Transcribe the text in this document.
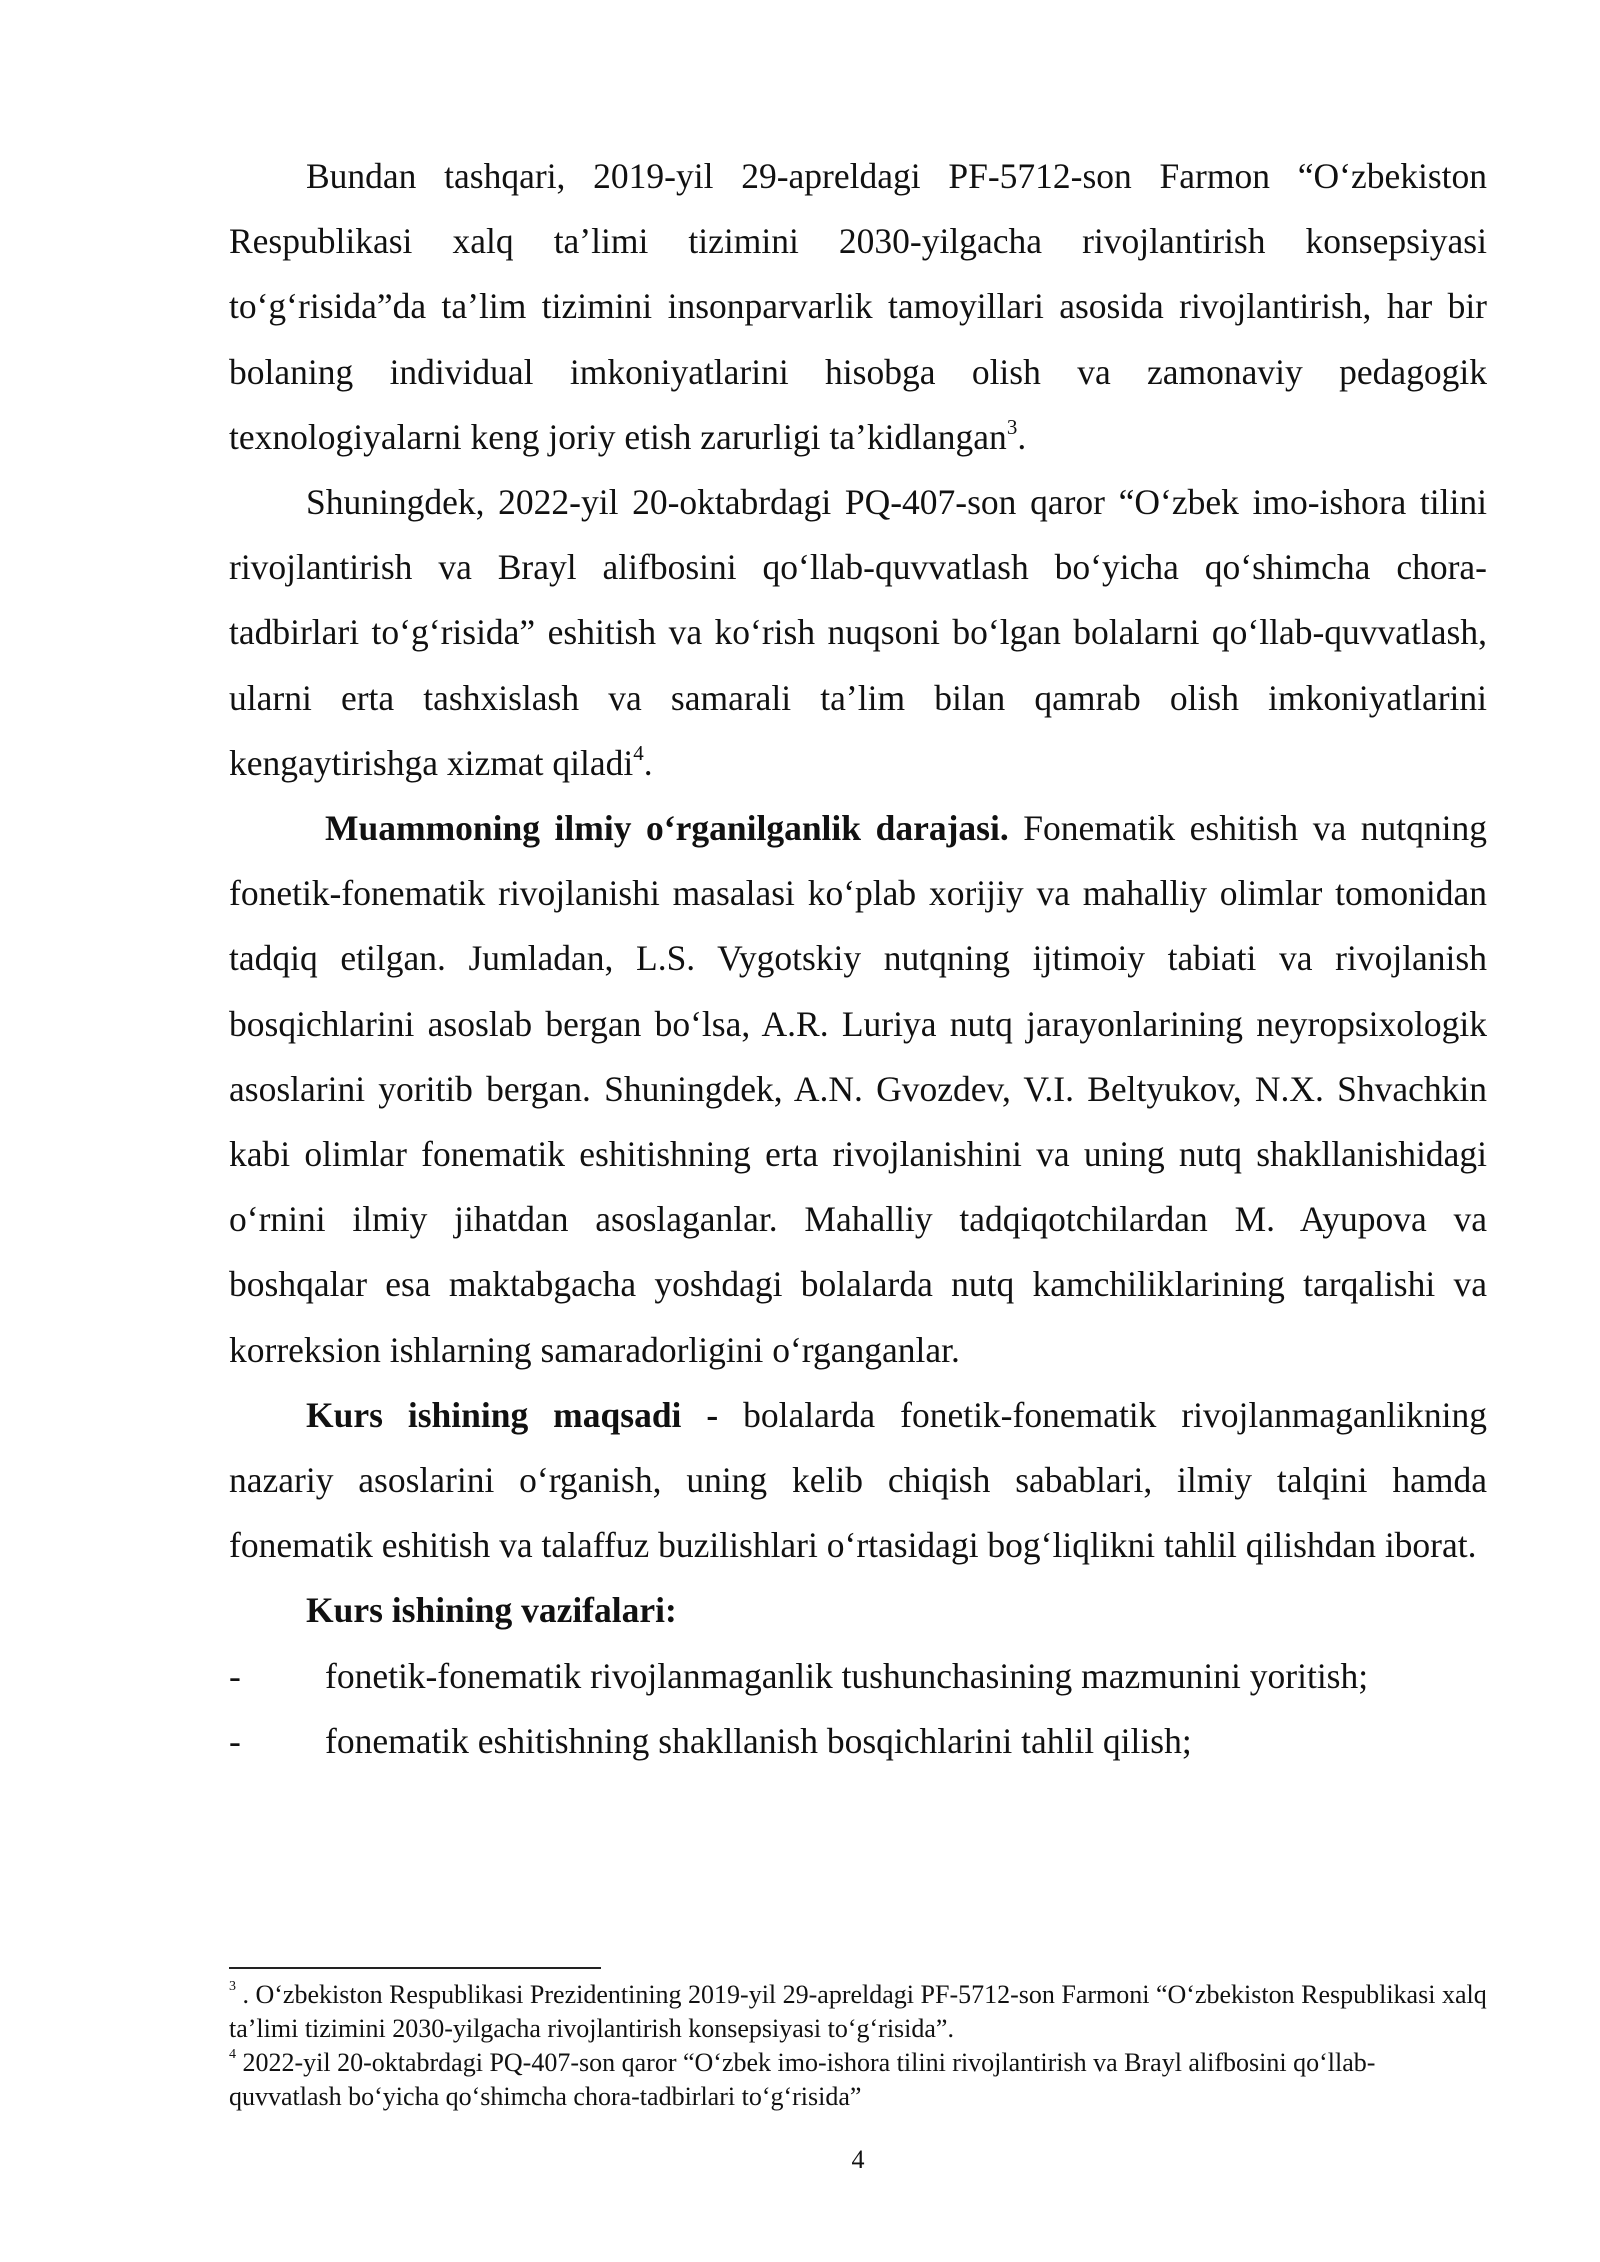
Bundan tashqari, 2019-yil 29-apreldagi PF-5712-son Farmon “Oʻzbekiston Respublikasi xalq taʼlimi tizimini 2030-yilgacha rivojlantirish konsepsiyasi toʻgʻrisida”da taʼlim tizimini insonparvarlik tamoyillari asosida rivojlantirish, har bir bolaning individual imkoniyatlarini hisobga olish va zamonaviy pedagogik texnologiyalarni keng joriy etish zarurligi taʼkidlangan$^3$.

Shuningdek, 2022-yil 20-oktabrdagi PQ-407-son qaror “Oʻzbek imo-ishora tilini rivojlantirish va Brayl alifbosini qoʻllab-quvvatlash boʻyicha qoʻshimcha chora-tadbirlari toʻgʻrisida” eshitish va koʻrish nuqsoni boʻlgan bolalarni qoʻllab-quvvatlash, ularni erta tashxislash va samarali taʼlim bilan qamrab olish imkoniyatlarini kengaytirishga xizmat qiladi$^4$.

Muammoning ilmiy oʻrganilganlik darajasi. Fonematik eshitish va nutqning fonetik-fonematik rivojlanishi masalasi koʻplab xorijiy va mahalliy olimlar tomonidan tadqiq etilgan. Jumladan, L.S. Vygotskiy nutqning ijtimoiy tabiati va rivojlanish bosqichlarini asoslab bergan boʻlsa, A.R. Luriya nutq jarayonlarining neyropsixologik asoslarini yoritib bergan. Shuningdek, A.N. Gvozdev, V.I. Beltyukov, N.X. Shvachkin kabi olimlar fonematik eshitishning erta rivojlanishini va uning nutq shakllanishidagi oʻrnini ilmiy jihatdan asoslaganlar. Mahalliy tadqiqotchilardan M. Ayupova va boshqalar esa maktabgacha yoshdagi bolalarda nutq kamchiliklarining tarqalishi va korreksion ishlarning samaradorligini oʻrganganlar.

Kurs ishining maqsadi - bolalarda fonetik-fonematik rivojlanmaganlikning nazariy asoslarini oʻrganish, uning kelib chiqish sabablari, ilmiy talqini hamda fonematik eshitish va talaffuz buzilishlari oʻrtasidagi bogʻliqlikni tahlil qilishdan iborat.

Kurs ishining vazifalari:

- fonetik-fonematik rivojlanmaganlik tushunchasining mazmunini yoritish;

- fonematik eshitishning shakllanish bosqichlarini tahlil qilish;

$^3$ . Oʻzbekiston Respublikasi Prezidentining 2019-yil 29-apreldagi PF-5712-son Farmoni “Oʻzbekiston Respublikasi xalq taʼlimi tizimini 2030-yilgacha rivojlantirish konsepsiyasi toʻgʻrisida”.

$^4$ 2022-yil 20-oktabrdagi PQ-407-son qaror “Oʻzbek imo-ishora tilini rivojlantirish va Brayl alifbosini qoʻllab-quvvatlash boʻyicha qoʻshimcha chora-tadbirlari toʻgʻrisida”

4
